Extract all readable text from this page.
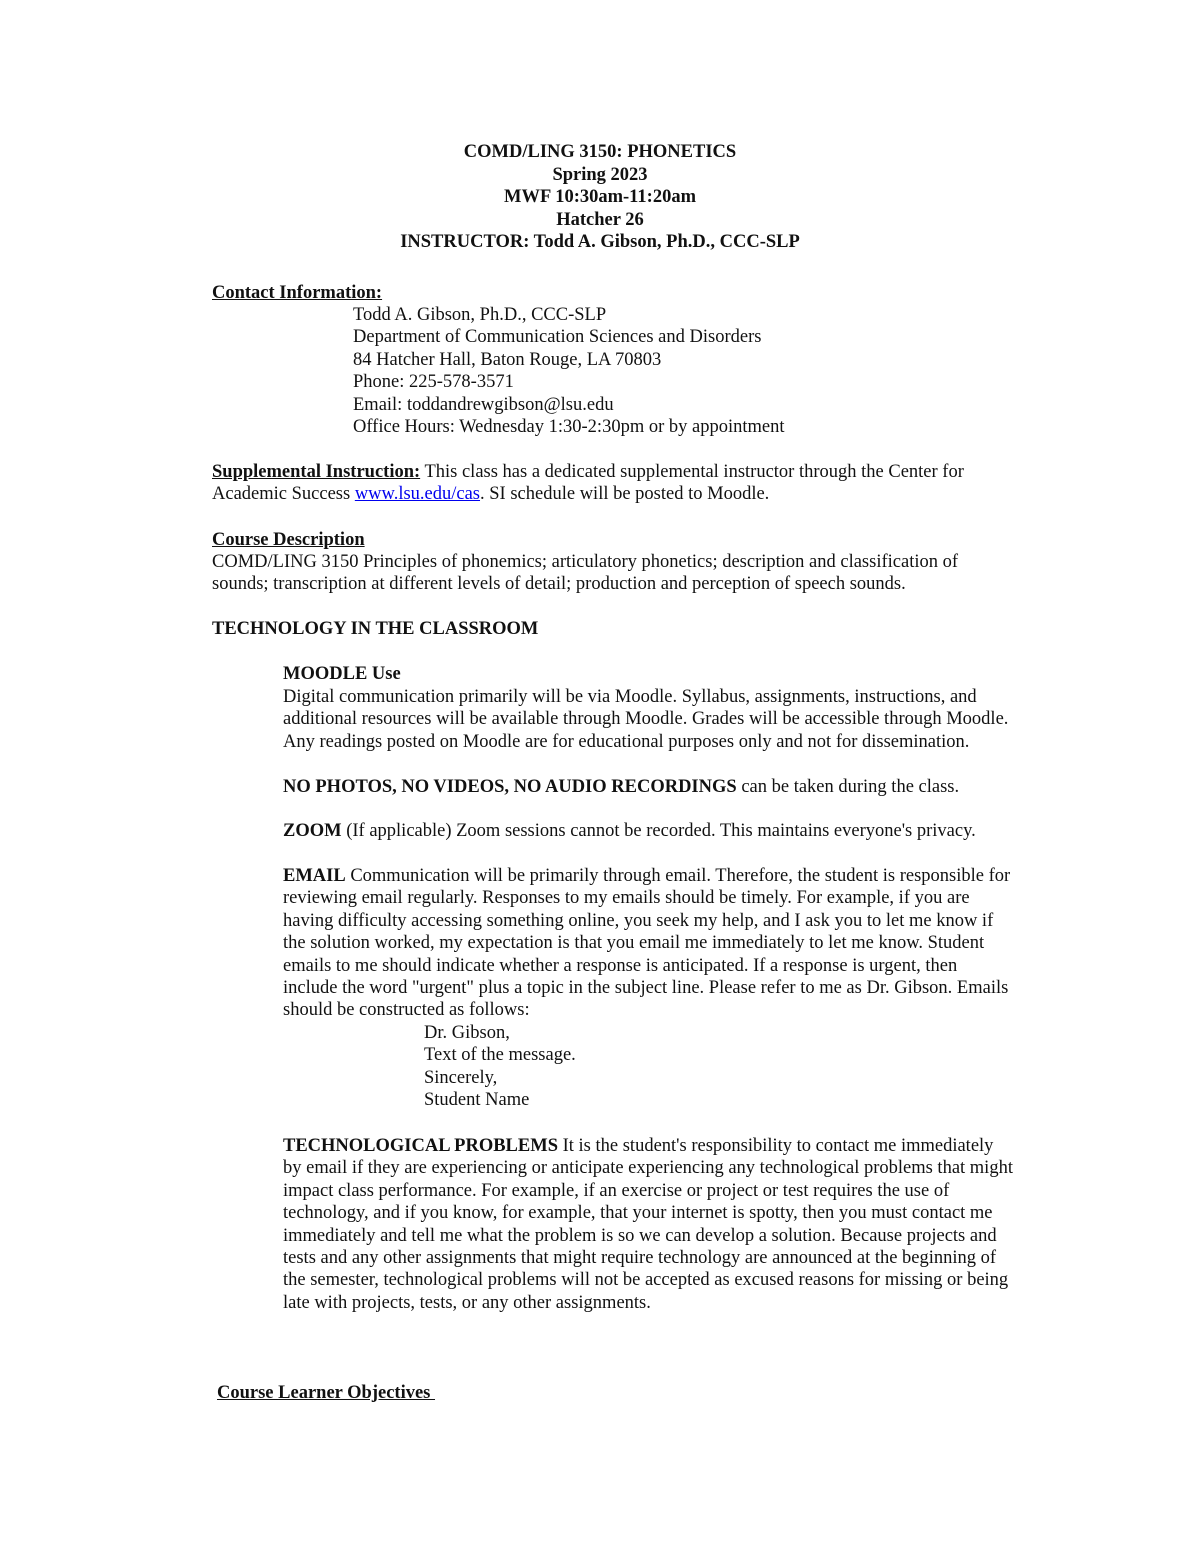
COMD/LING 3150: PHONETICS
Spring 2023
MWF 10:30am-11:20am
Hatcher 26
INSTRUCTOR: Todd A. Gibson, Ph.D., CCC-SLP
Contact Information:
Todd A. Gibson, Ph.D., CCC-SLP
Department of Communication Sciences and Disorders
84 Hatcher Hall, Baton Rouge, LA 70803
Phone: 225-578-3571
Email: toddandrewgibson@lsu.edu
Office Hours: Wednesday 1:30-2:30pm or by appointment
Supplemental Instruction: This class has a dedicated supplemental instructor through the Center for
Academic Success www.lsu.edu/cas. SI schedule will be posted to Moodle.
Course Description
COMD/LING 3150 Principles of phonemics; articulatory phonetics; description and classification of
sounds; transcription at different levels of detail; production and perception of speech sounds.
TECHNOLOGY IN THE CLASSROOM
MOODLE Use
Digital communication primarily will be via Moodle. Syllabus, assignments, instructions, and
additional resources will be available through Moodle. Grades will be accessible through Moodle.
Any readings posted on Moodle are for educational purposes only and not for dissemination.
NO PHOTOS, NO VIDEOS, NO AUDIO RECORDINGS can be taken during the class.
ZOOM (If applicable) Zoom sessions cannot be recorded. This maintains everyone's privacy.
EMAIL Communication will be primarily through email. Therefore, the student is responsible for
reviewing email regularly. Responses to my emails should be timely. For example, if you are
having difficulty accessing something online, you seek my help, and I ask you to let me know if
the solution worked, my expectation is that you email me immediately to let me know. Student
emails to me should indicate whether a response is anticipated. If a response is urgent, then
include the word "urgent" plus a topic in the subject line. Please refer to me as Dr. Gibson. Emails
should be constructed as follows:
Dr. Gibson,
Text of the message.
Sincerely,
Student Name
TECHNOLOGICAL PROBLEMS It is the student's responsibility to contact me immediately
by email if they are experiencing or anticipate experiencing any technological problems that might
impact class performance. For example, if an exercise or project or test requires the use of
technology, and if you know, for example, that your internet is spotty, then you must contact me
immediately and tell me what the problem is so we can develop a solution. Because projects and
tests and any other assignments that might require technology are announced at the beginning of
the semester, technological problems will not be accepted as excused reasons for missing or being
late with projects, tests, or any other assignments.
Course Learner Objectives
